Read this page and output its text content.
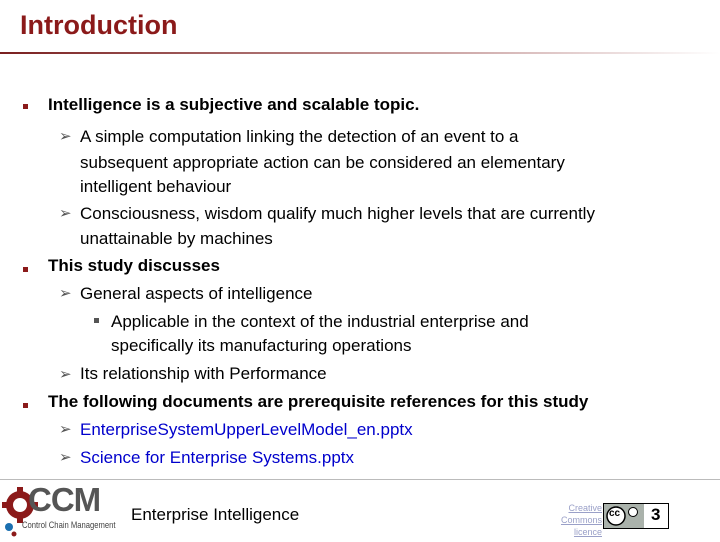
Introduction
Intelligence is a subjective and scalable topic.
➢ A simple computation linking the detection of an event to a
subsequent appropriate action can be considered an elementary
intelligent behaviour
➢ Consciousness, wisdom qualify much higher levels that are currently
unattainable by machines
This study discusses
➢ General aspects of intelligence
Applicable in the context of the industrial enterprise and
specifically its manufacturing operations
➢ Its relationship with Performance
The following documents are prerequisite references for this study
➢ EnterpriseSystemUpperLevelModel_en.pptx
➢ Science for Enterprise Systems.pptx
CCM
Control Chain Management
Enterprise Intelligence	Creative
Commons
licence
cc 3
